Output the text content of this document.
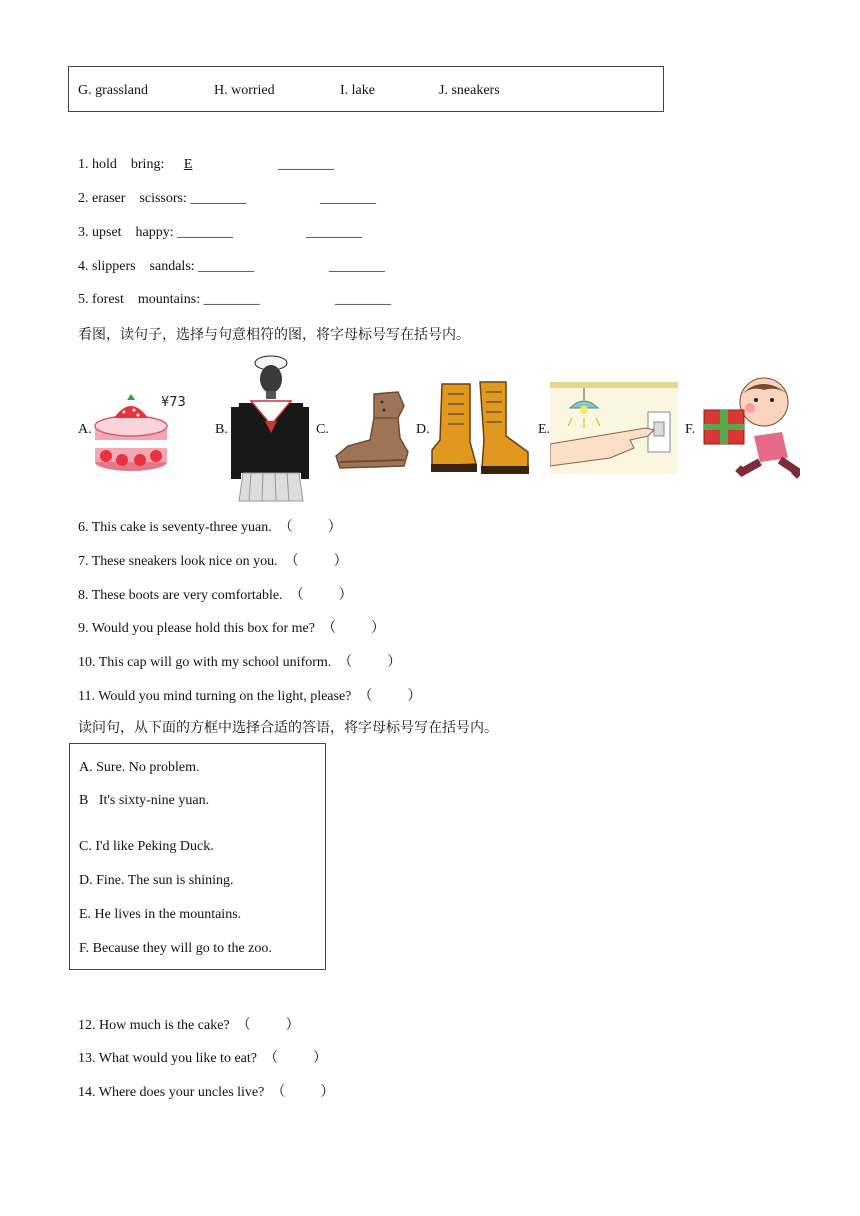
G. grassland	H. worried	I. lake	J. sneakers
1. hold    bring: E	________
2. eraser    scissors: ________	________
3. upset    happy: ________	________
4. slippers    sandals: ________	________
5. forest    mountains: ________	________
看图，读句子，选择与句意相符的图，将字母标号写在括号内。
A.
¥73
B.	C.	D.	E.	F.
6. This cake is seventy-three yuan.  （          ）
7. These sneakers look nice on you.  （          ）
8. These boots are very comfortable.  （          ）
9. Would you please hold this box for me?  （          ）
10. This cap will go with my school uniform.  （          ）
11. Would you mind turning on the light, please?  （          ）
读问句，从下面的方框中选择合适的答语，将字母标号写在括号内。
A. Sure. No problem.
B   It's sixty-nine yuan.
C. I'd like Peking Duck.
D. Fine. The sun is shining.
E. He lives in the mountains.
F. Because they will go to the zoo.
12. How much is the cake?  （          ）
13. What would you like to eat?  （          ）
14. Where does your uncles live?  （          ）
